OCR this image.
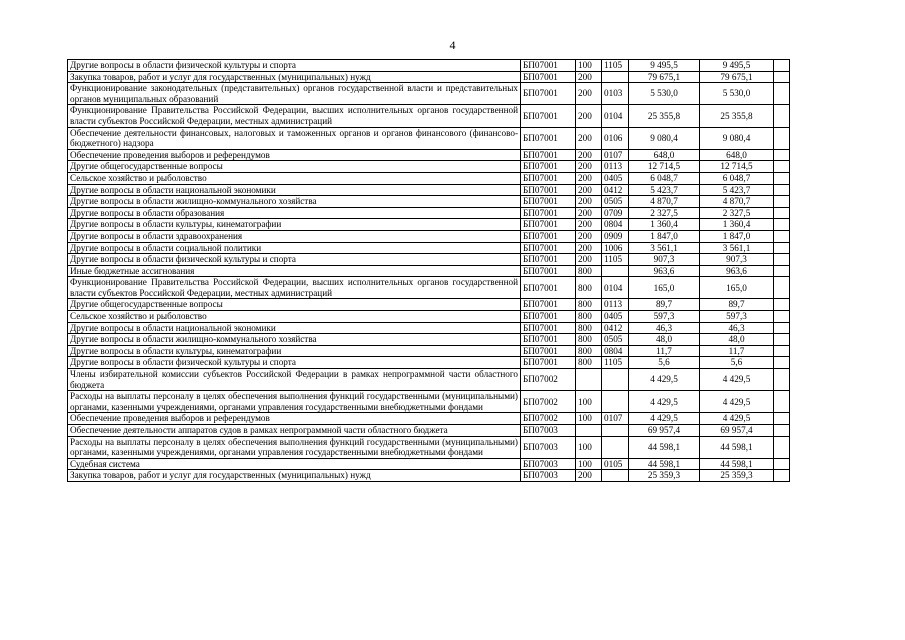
4
Другие вопросы в области физической культуры и спорта	БП07001	100	1105	9 495,5	9 495,5	
Закупка товаров, работ и услуг для государственных (муниципальных) нужд	БП07001	200		79 675,1	79 675,1	
Функционирование законодательных (представительных) органов государственной власти и представительных органов муниципальных образований	БП07001	200	0103	5 530,0	5 530,0	
Функционирование Правительства Российской Федерации, высших исполнительных органов государственной власти субъектов Российской Федерации, местных администраций	БП07001	200	0104	25 355,8	25 355,8	
Обеспечение деятельности финансовых, налоговых и таможенных органов и органов финансового (финансово-бюджетного) надзора	БП07001	200	0106	9 080,4	9 080,4	
Обеспечение проведения выборов и референдумов	БП07001	200	0107	648,0	648,0	
Другие общегосударственные вопросы	БП07001	200	0113	12 714,5	12 714,5	
Сельское хозяйство и рыболовство	БП07001	200	0405	6 048,7	6 048,7	
Другие вопросы в области национальной экономики	БП07001	200	0412	5 423,7	5 423,7	
Другие вопросы в области жилищно-коммунального хозяйства	БП07001	200	0505	4 870,7	4 870,7	
Другие вопросы в области образования	БП07001	200	0709	2 327,5	2 327,5	
Другие вопросы в области культуры, кинематографии	БП07001	200	0804	1 360,4	1 360,4	
Другие вопросы в области здравоохранения	БП07001	200	0909	1 847,0	1 847,0	
Другие вопросы в области социальной политики	БП07001	200	1006	3 561,1	3 561,1	
Другие вопросы в области физической культуры и спорта	БП07001	200	1105	907,3	907,3	
Иные бюджетные ассигнования	БП07001	800		963,6	963,6	
Функционирование Правительства Российской Федерации, высших исполнительных органов государственной власти субъектов Российской Федерации, местных администраций	БП07001	800	0104	165,0	165,0	
Другие общегосударственные вопросы	БП07001	800	0113	89,7	89,7	
Сельское хозяйство и рыболовство	БП07001	800	0405	597,3	597,3	
Другие вопросы в области национальной экономики	БП07001	800	0412	46,3	46,3	
Другие вопросы в области жилищно-коммунального хозяйства	БП07001	800	0505	48,0	48,0	
Другие вопросы в области культуры, кинематографии	БП07001	800	0804	11,7	11,7	
Другие вопросы в области физической культуры и спорта	БП07001	800	1105	5,6	5,6	
Члены избирательной комиссии субъектов Российской Федерации в рамках непрограммной части областного бюджета	БП07002			4 429,5	4 429,5	
Расходы на выплаты персоналу в целях обеспечения выполнения функций государственными (муниципальными) органами, казенными учреждениями, органами управления государственными внебюджетными фондами	БП07002	100		4 429,5	4 429,5	
Обеспечение проведения выборов и референдумов	БП07002	100	0107	4 429,5	4 429,5	
Обеспечение деятельности аппаратов судов в рамках непрограммной части областного бюджета	БП07003			69 957,4	69 957,4	
Расходы на выплаты персоналу в целях обеспечения выполнения функций государственными (муниципальными) органами, казенными учреждениями, органами управления государственными внебюджетными фондами	БП07003	100		44 598,1	44 598,1	
Судебная система	БП07003	100	0105	44 598,1	44 598,1	
Закупка товаров, работ и услуг для государственных (муниципальных) нужд	БП07003	200		25 359,3	25 359,3	
